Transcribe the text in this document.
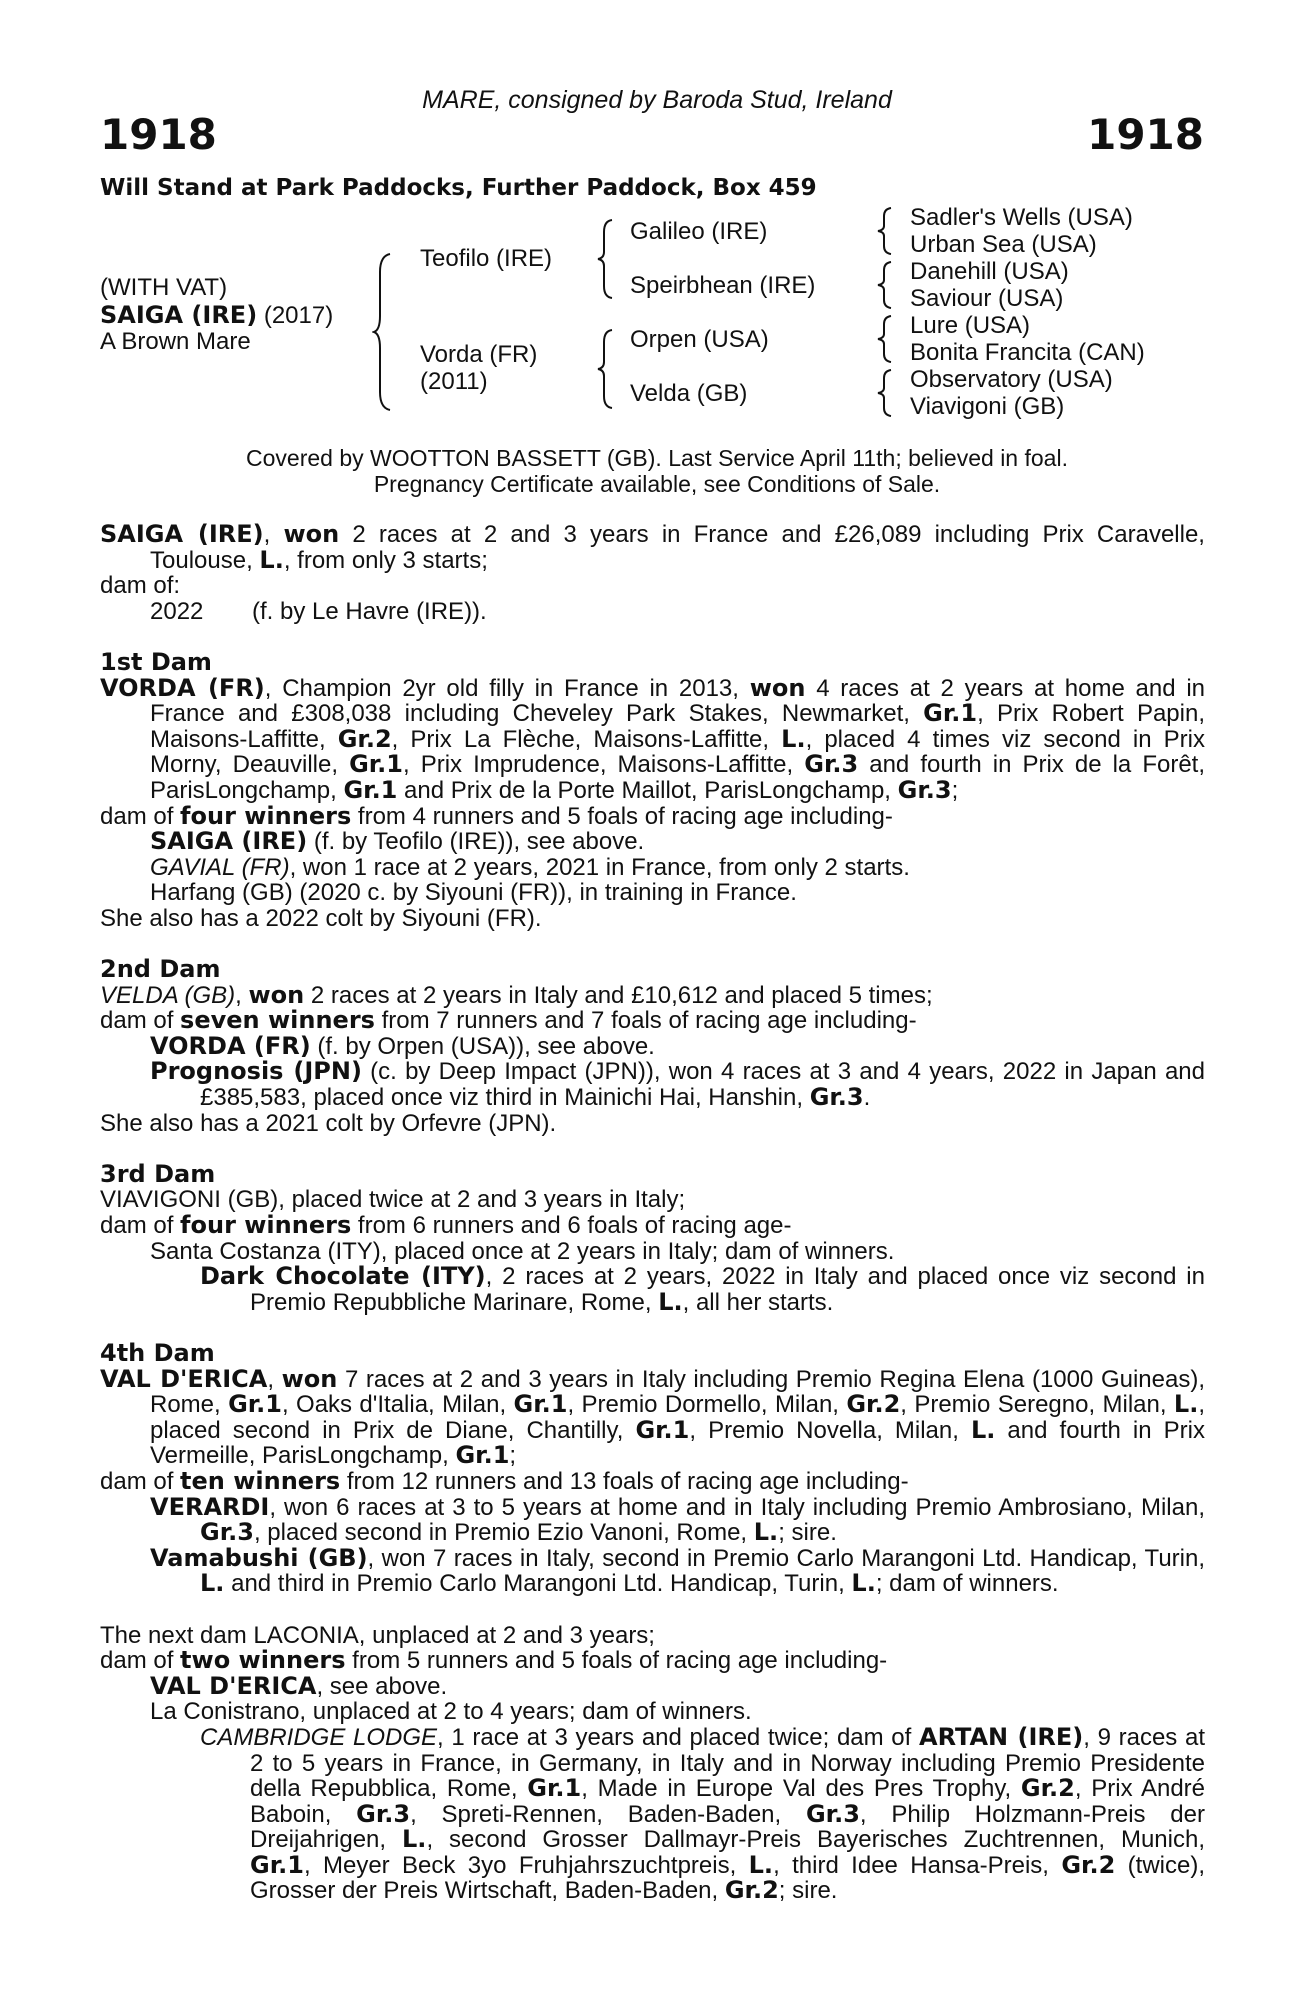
MARE, consigned by Baroda Stud, Ireland
1918	1918
Will Stand at Park Paddocks, Further Paddock, Box 459
(WITH VAT)
SAIGA (IRE) (2017)
A Brown Mare
Teofilo (IRE)
Vorda (FR)
(2011)
Galileo (IRE)
Speirbhean (IRE)
Orpen (USA)
Velda (GB)
Sadler's Wells (USA)
Urban Sea (USA)
Danehill (USA)
Saviour (USA)
Lure (USA)
Bonita Francita (CAN)
Observatory (USA)
Viavigoni (GB)
Covered by WOOTTON BASSETT (GB). Last Service April 11th; believed in foal.
Pregnancy Certificate available, see Conditions of Sale.

SAIGA (IRE), won 2 races at 2 and 3 years in France and £26,089 including Prix Caravelle, Toulouse, L., from only 3 starts;

dam of:

2022 (f. by Le Havre (IRE)).

1st Dam

VORDA (FR), Champion 2yr old filly in France in 2013, won 4 races at 2 years at home and in France and £308,038 including Cheveley Park Stakes, Newmarket, Gr.1, Prix Robert Papin, Maisons-Laffitte, Gr.2, Prix La Flèche, Maisons-Laffitte, L., placed 4 times viz second in Prix Morny, Deauville, Gr.1, Prix Imprudence, Maisons-Laffitte, Gr.3 and fourth in Prix de la Forêt, ParisLongchamp, Gr.1 and Prix de la Porte Maillot, ParisLongchamp, Gr.3;

dam of four winners from 4 runners and 5 foals of racing age including-

SAIGA (IRE) (f. by Teofilo (IRE)), see above.

GAVIAL (FR), won 1 race at 2 years, 2021 in France, from only 2 starts.

Harfang (GB) (2020 c. by Siyouni (FR)), in training in France.

She also has a 2022 colt by Siyouni (FR).

2nd Dam

VELDA (GB), won 2 races at 2 years in Italy and £10,612 and placed 5 times;

dam of seven winners from 7 runners and 7 foals of racing age including-

VORDA (FR) (f. by Orpen (USA)), see above.

Prognosis (JPN) (c. by Deep Impact (JPN)), won 4 races at 3 and 4 years, 2022 in Japan and £385,583, placed once viz third in Mainichi Hai, Hanshin, Gr.3.

She also has a 2021 colt by Orfevre (JPN).

3rd Dam

VIAVIGONI (GB), placed twice at 2 and 3 years in Italy;

dam of four winners from 6 runners and 6 foals of racing age-

Santa Costanza (ITY), placed once at 2 years in Italy; dam of winners.

Dark Chocolate (ITY), 2 races at 2 years, 2022 in Italy and placed once viz second in Premio Repubbliche Marinare, Rome, L., all her starts.

4th Dam

VAL D'ERICA, won 7 races at 2 and 3 years in Italy including Premio Regina Elena (1000 Guineas), Rome, Gr.1, Oaks d'Italia, Milan, Gr.1, Premio Dormello, Milan, Gr.2, Premio Seregno, Milan, L., placed second in Prix de Diane, Chantilly, Gr.1, Premio Novella, Milan, L. and fourth in Prix Vermeille, ParisLongchamp, Gr.1;

dam of ten winners from 12 runners and 13 foals of racing age including-

VERARDI, won 6 races at 3 to 5 years at home and in Italy including Premio Ambrosiano, Milan, Gr.3, placed second in Premio Ezio Vanoni, Rome, L.; sire.

Vamabushi (GB), won 7 races in Italy, second in Premio Carlo Marangoni Ltd. Handicap, Turin, L. and third in Premio Carlo Marangoni Ltd. Handicap, Turin, L.; dam of winners.

The next dam LACONIA, unplaced at 2 and 3 years;

dam of two winners from 5 runners and 5 foals of racing age including-

VAL D'ERICA, see above.

La Conistrano, unplaced at 2 to 4 years; dam of winners.

CAMBRIDGE LODGE, 1 race at 3 years and placed twice; dam of ARTAN (IRE), 9 races at 2 to 5 years in France, in Germany, in Italy and in Norway including Premio Presidente della Repubblica, Rome, Gr.1, Made in Europe Val des Pres Trophy, Gr.2, Prix André Baboin, Gr.3, Spreti-Rennen, Baden-Baden, Gr.3, Philip Holzmann-Preis der Dreijahrigen, L., second Grosser Dallmayr-Preis Bayerisches Zuchtrennen, Munich, Gr.1, Meyer Beck 3yo Fruhjahrszuchtpreis, L., third Idee Hansa-Preis, Gr.2 (twice), Grosser der Preis Wirtschaft, Baden-Baden, Gr.2; sire.
